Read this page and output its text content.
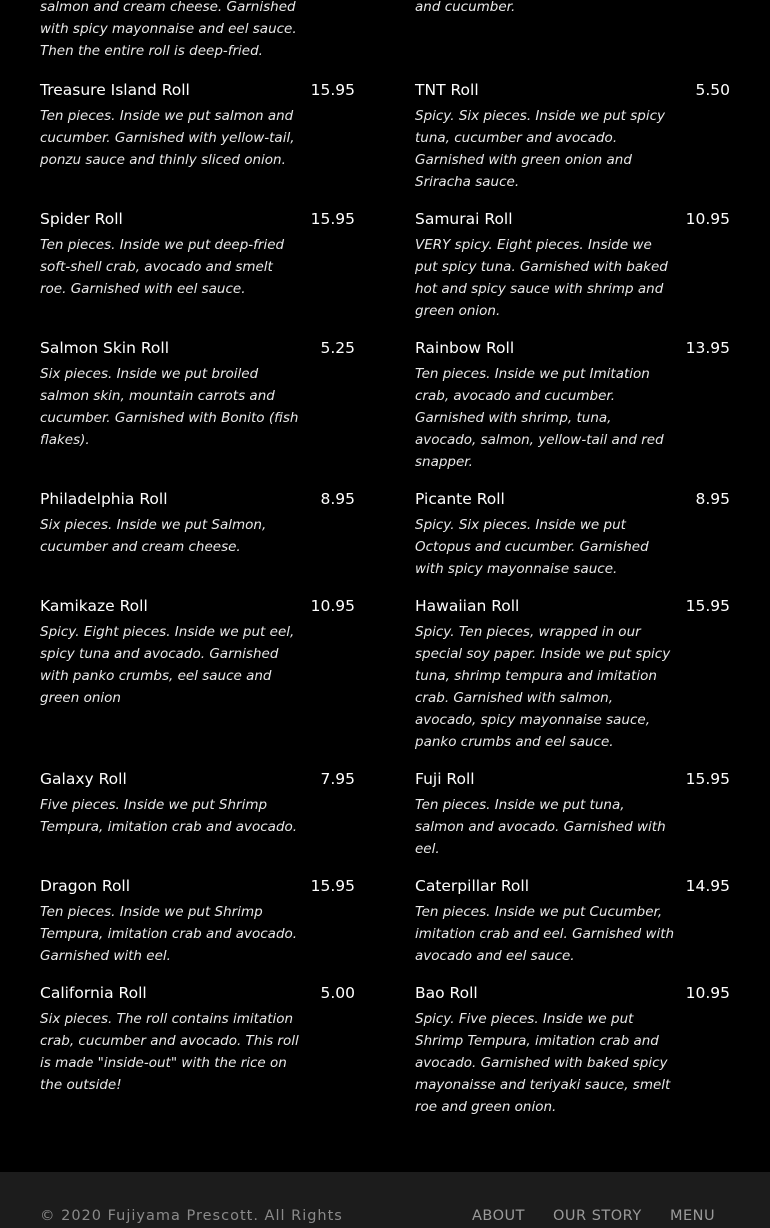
salmon and cream cheese. Garnished with spicy mayonnaise and eel sauce. Then the entire roll is deep-fried.
and cucumber.
Treasure Island Roll	15.95
Ten pieces. Inside we put salmon and cucumber. Garnished with yellow-tail, ponzu sauce and thinly sliced onion.
TNT Roll	5.50
Spicy. Six pieces. Inside we put spicy tuna, cucumber and avocado. Garnished with green onion and Sriracha sauce.
Spider Roll	15.95
Ten pieces. Inside we put deep-fried soft-shell crab, avocado and smelt roe. Garnished with eel sauce.
Samurai Roll	10.95
VERY spicy. Eight pieces. Inside we put spicy tuna. Garnished with baked hot and spicy sauce with shrimp and green onion.
Salmon Skin Roll	5.25
Six pieces. Inside we put broiled salmon skin, mountain carrots and cucumber. Garnished with Bonito (fish flakes).
Rainbow Roll	13.95
Ten pieces. Inside we put Imitation crab, avocado and cucumber. Garnished with shrimp, tuna, avocado, salmon, yellow-tail and red snapper.
Philadelphia Roll	8.95
Six pieces. Inside we put Salmon, cucumber and cream cheese.
Picante Roll	8.95
Spicy. Six pieces. Inside we put Octopus and cucumber. Garnished with spicy mayonnaise sauce.
Kamikaze Roll	10.95
Spicy. Eight pieces. Inside we put eel, spicy tuna and avocado. Garnished with panko crumbs, eel sauce and green onion
Hawaiian Roll	15.95
Spicy. Ten pieces, wrapped in our special soy paper. Inside we put spicy tuna, shrimp tempura and imitation crab. Garnished with salmon, avocado, spicy mayonnaise sauce, panko crumbs and eel sauce.
Galaxy Roll	7.95
Five pieces. Inside we put Shrimp Tempura, imitation crab and avocado.
Fuji Roll	15.95
Ten pieces. Inside we put tuna, salmon and avocado. Garnished with eel.
Dragon Roll	15.95
Ten pieces. Inside we put Shrimp Tempura, imitation crab and avocado. Garnished with eel.
Caterpillar Roll	14.95
Ten pieces. Inside we put Cucumber, imitation crab and eel. Garnished with avocado and eel sauce.
California Roll	5.00
Six pieces. The roll contains imitation crab, cucumber and avocado. This roll is made "inside-out" with the rice on the outside!
Bao Roll	10.95
Spicy. Five pieces. Inside we put Shrimp Tempura, imitation crab and avocado. Garnished with baked spicy mayonaisse and teriyaki sauce, smelt roe and green onion.
© 2020 Fujiyama Prescott. All Rights	ABOUT OUR STORY MENU
